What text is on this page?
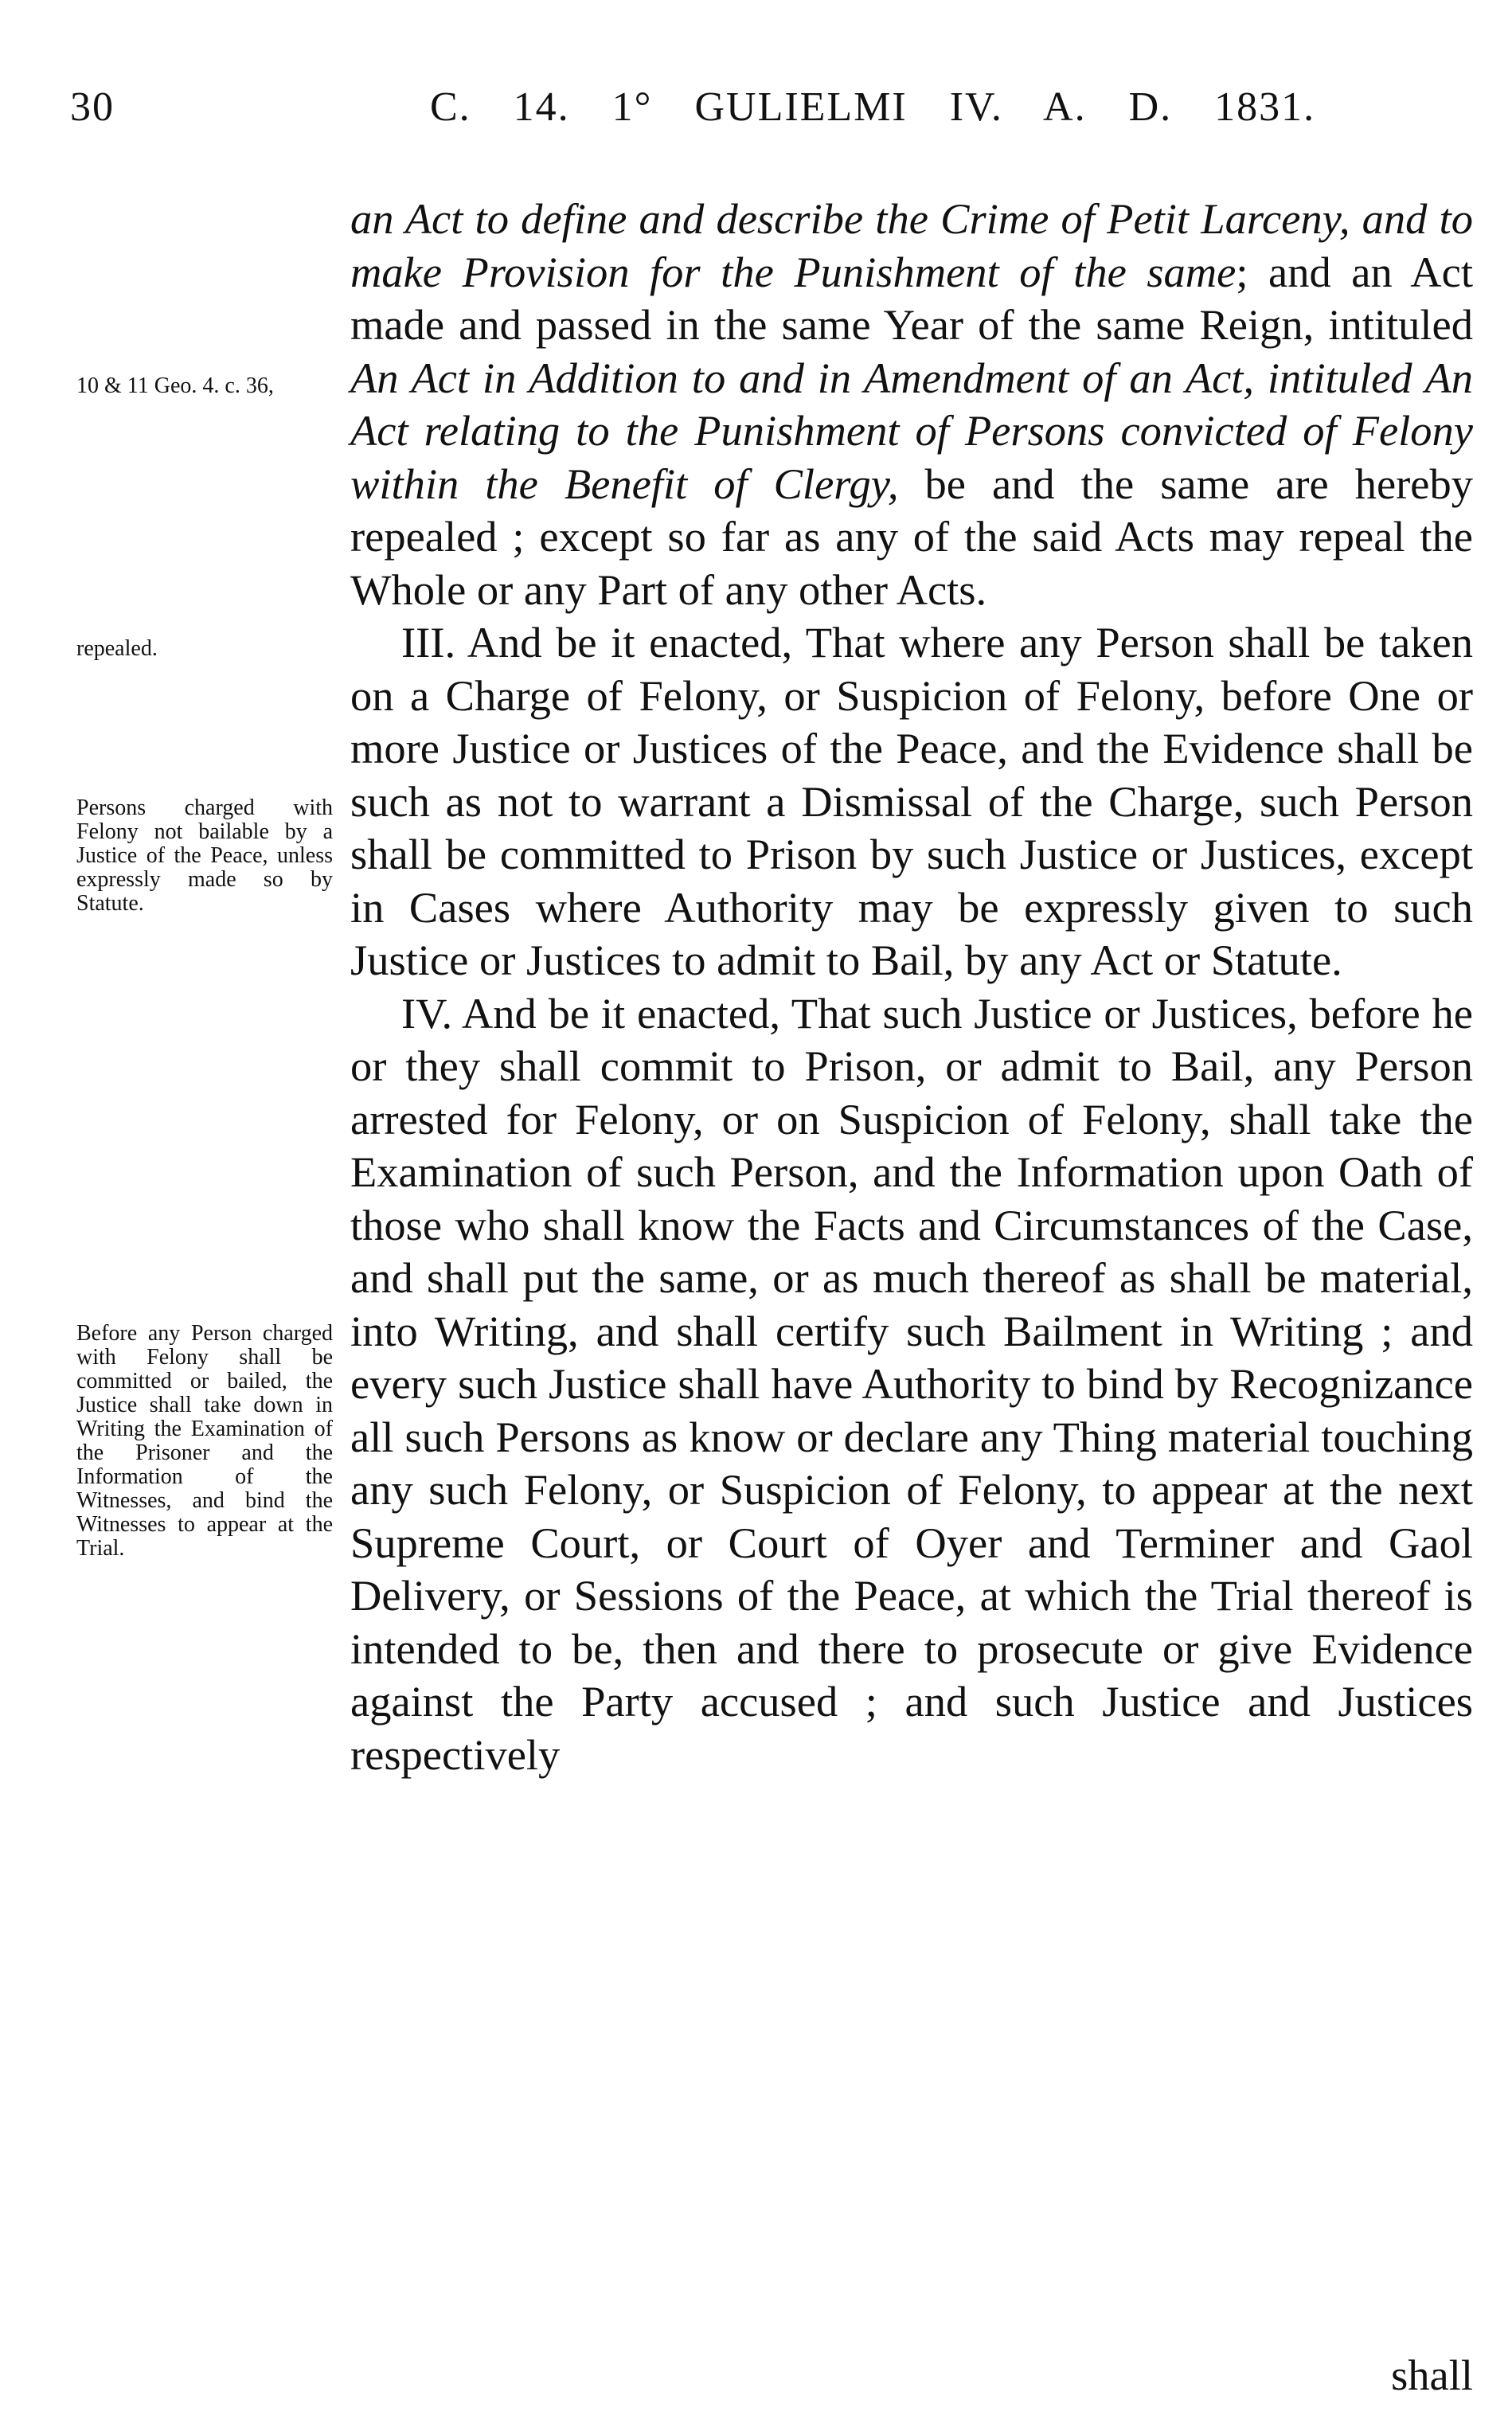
30	C. 14. 1° GULIELMI IV. A. D. 1831.
10 & 11 Geo. 4. c. 36,
repealed.
Persons charged with Felony not bailable by a Justice of the Peace, unless expressly made so by Statute.
Before any Person charged with Felony shall be committed or bailed, the Justice shall take down in Writing the Examination of the Prisoner and the Information of the Witnesses, and bind the Witnesses to appear at the Trial.

an Act to define and describe the Crime of Petit Larceny, and to make Provision for the Punishment of the same; and an Act made and passed in the same Year of the same Reign, intituled An Act in Addition to and in Amendment of an Act, intituled An Act relating to the Punishment of Persons convicted of Felony within the Benefit of Clergy, be and the same are hereby repealed ; except so far as any of the said Acts may repeal the Whole or any Part of any other Acts.

III. And be it enacted, That where any Person shall be taken on a Charge of Felony, or Suspicion of Felony, before One or more Justice or Justices of the Peace, and the Evidence shall be such as not to warrant a Dismissal of the Charge, such Person shall be committed to Prison by such Justice or Justices, except in Cases where Authority may be expressly given to such Justice or Justices to admit to Bail, by any Act or Statute.

IV. And be it enacted, That such Justice or Justices, before he or they shall commit to Prison, or admit to Bail, any Person arrested for Felony, or on Suspicion of Felony, shall take the Examination of such Person, and the Information upon Oath of those who shall know the Facts and Circumstances of the Case, and shall put the same, or as much thereof as shall be material, into Writing, and shall certify such Bailment in Writing ; and every such Justice shall have Authority to bind by Recognizance all such Persons as know or declare any Thing material touching any such Felony, or Suspicion of Felony, to appear at the next Supreme Court, or Court of Oyer and Terminer and Gaol Delivery, or Sessions of the Peace, at which the Trial thereof is intended to be, then and there to prosecute or give Evidence against the Party accused ; and such Justice and Justices respectively

shall
